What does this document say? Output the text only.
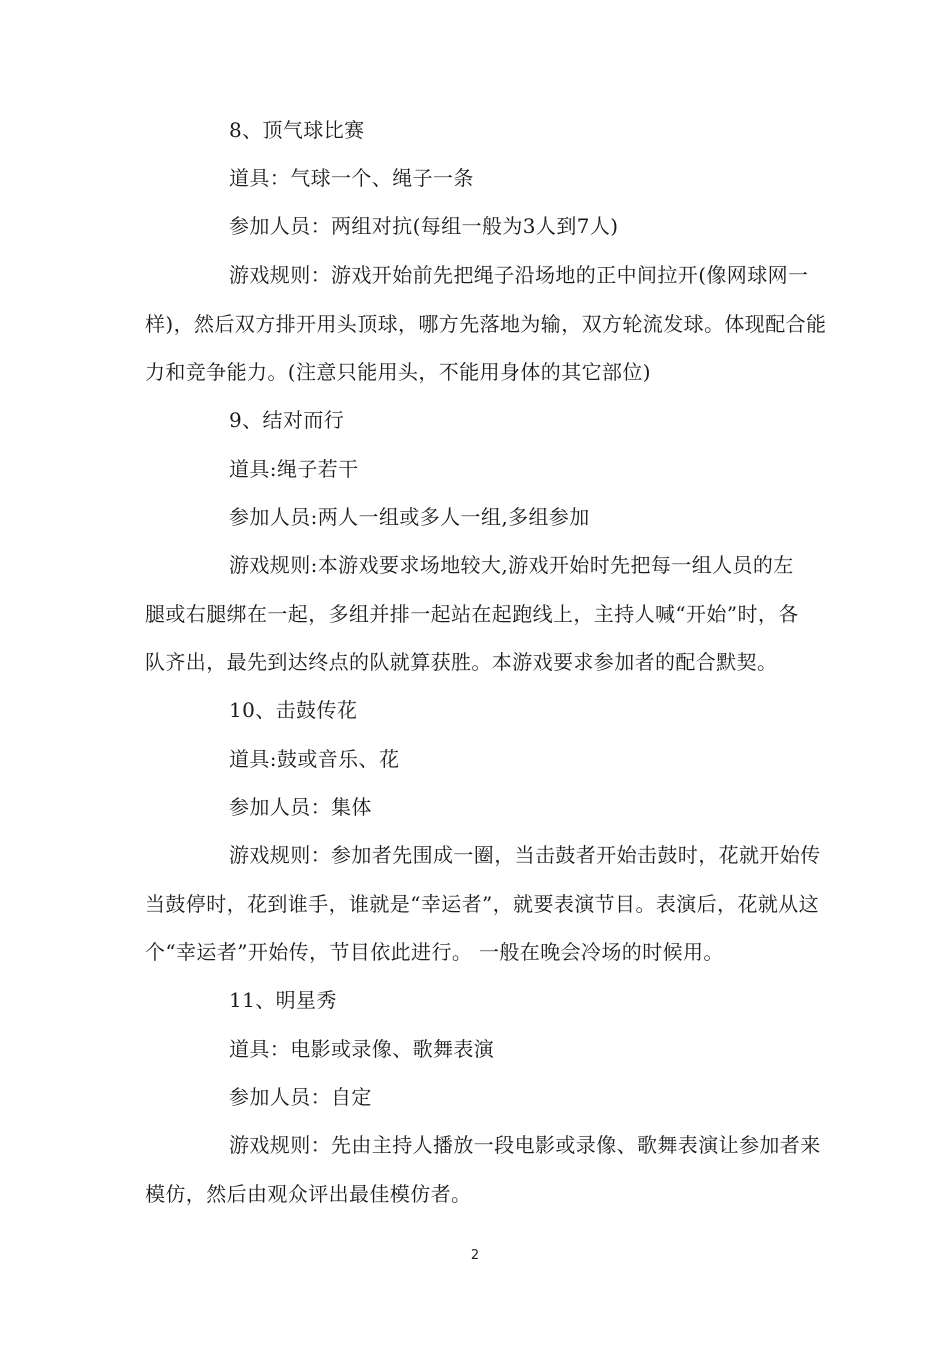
8、顶气球比赛
道具：气球一个、绳子一条
参加人员：两组对抗(每组一般为3人到7人)
游戏规则：游戏开始前先把绳子沿场地的正中间拉开(像网球网一
样)，然后双方排开用头顶球，哪方先落地为输，双方轮流发球。体现配合能
力和竞争能力。(注意只能用头，不能用身体的其它部位)
9、结对而行
道具:绳子若干
参加人员:两人一组或多人一组,多组参加
游戏规则:本游戏要求场地较大,游戏开始时先把每一组人员的左
腿或右腿绑在一起，多组并排一起站在起跑线上，主持人喊“开始”时，各
队齐出，最先到达终点的队就算获胜。本游戏要求参加者的配合默契。
10、击鼓传花
道具:鼓或音乐、花
参加人员：集体
游戏规则：参加者先围成一圈，当击鼓者开始击鼓时，花就开始传
当鼓停时，花到谁手，谁就是“幸运者”，就要表演节目。表演后，花就从这
个“幸运者”开始传，节目依此进行。 一般在晚会冷场的时候用。
11、明星秀
道具：电影或录像、歌舞表演
参加人员：自定
游戏规则：先由主持人播放一段电影或录像、歌舞表演让参加者来
模仿，然后由观众评出最佳模仿者。
2
